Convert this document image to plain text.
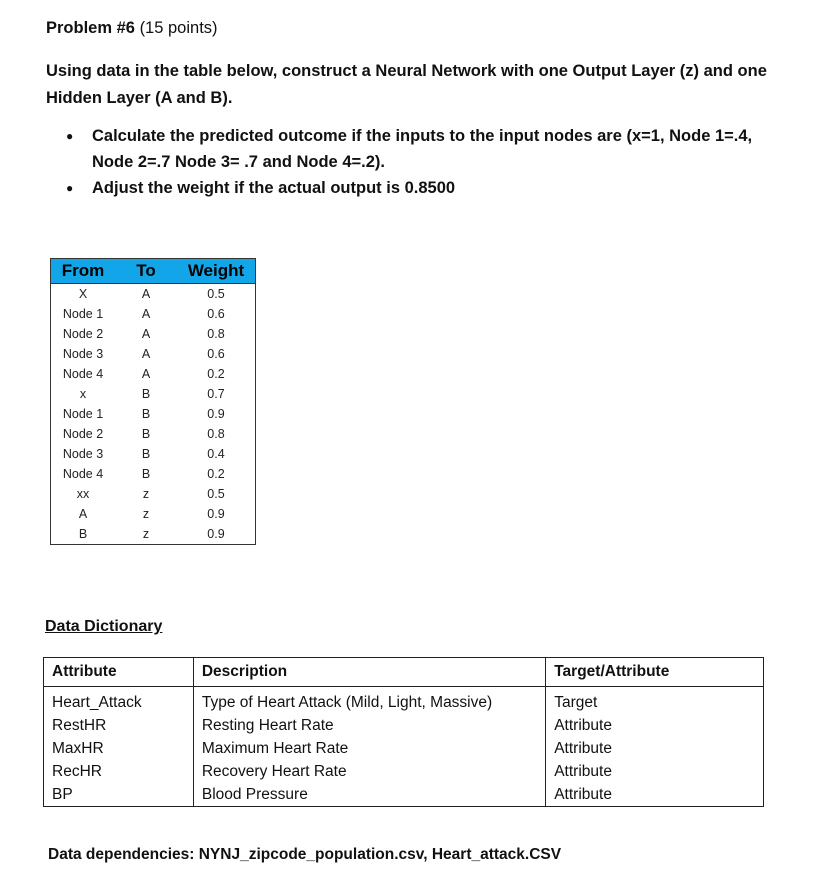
Problem #6 (15 points)
Using data in the table below, construct a Neural Network with one Output Layer (z) and one Hidden Layer (A and B).
● Calculate the predicted outcome if the inputs to the input nodes are (x=1, Node 1=.4, Node 2=.7 Node 3= .7 and Node 4=.2).
● Adjust the weight if the actual output is 0.8500
From	To	Weight
X	A	0.5
Node 1	A	0.6
Node 2	A	0.8
Node 3	A	0.6
Node 4	A	0.2
x	B	0.7
Node 1	B	0.9
Node 2	B	0.8
Node 3	B	0.4
Node 4	B	0.2
xx	z	0.5
A	z	0.9
B	z	0.9
Data Dictionary
Attribute	Description	Target/Attribute
Heart_Attack	Type of Heart Attack (Mild, Light, Massive)	Target
RestHR	Resting Heart Rate	Attribute
MaxHR	Maximum Heart Rate	Attribute
RecHR	Recovery Heart Rate	Attribute
BP	Blood Pressure	Attribute
Data dependencies: NYNJ_zipcode_population.csv, Heart_attack.CSV
